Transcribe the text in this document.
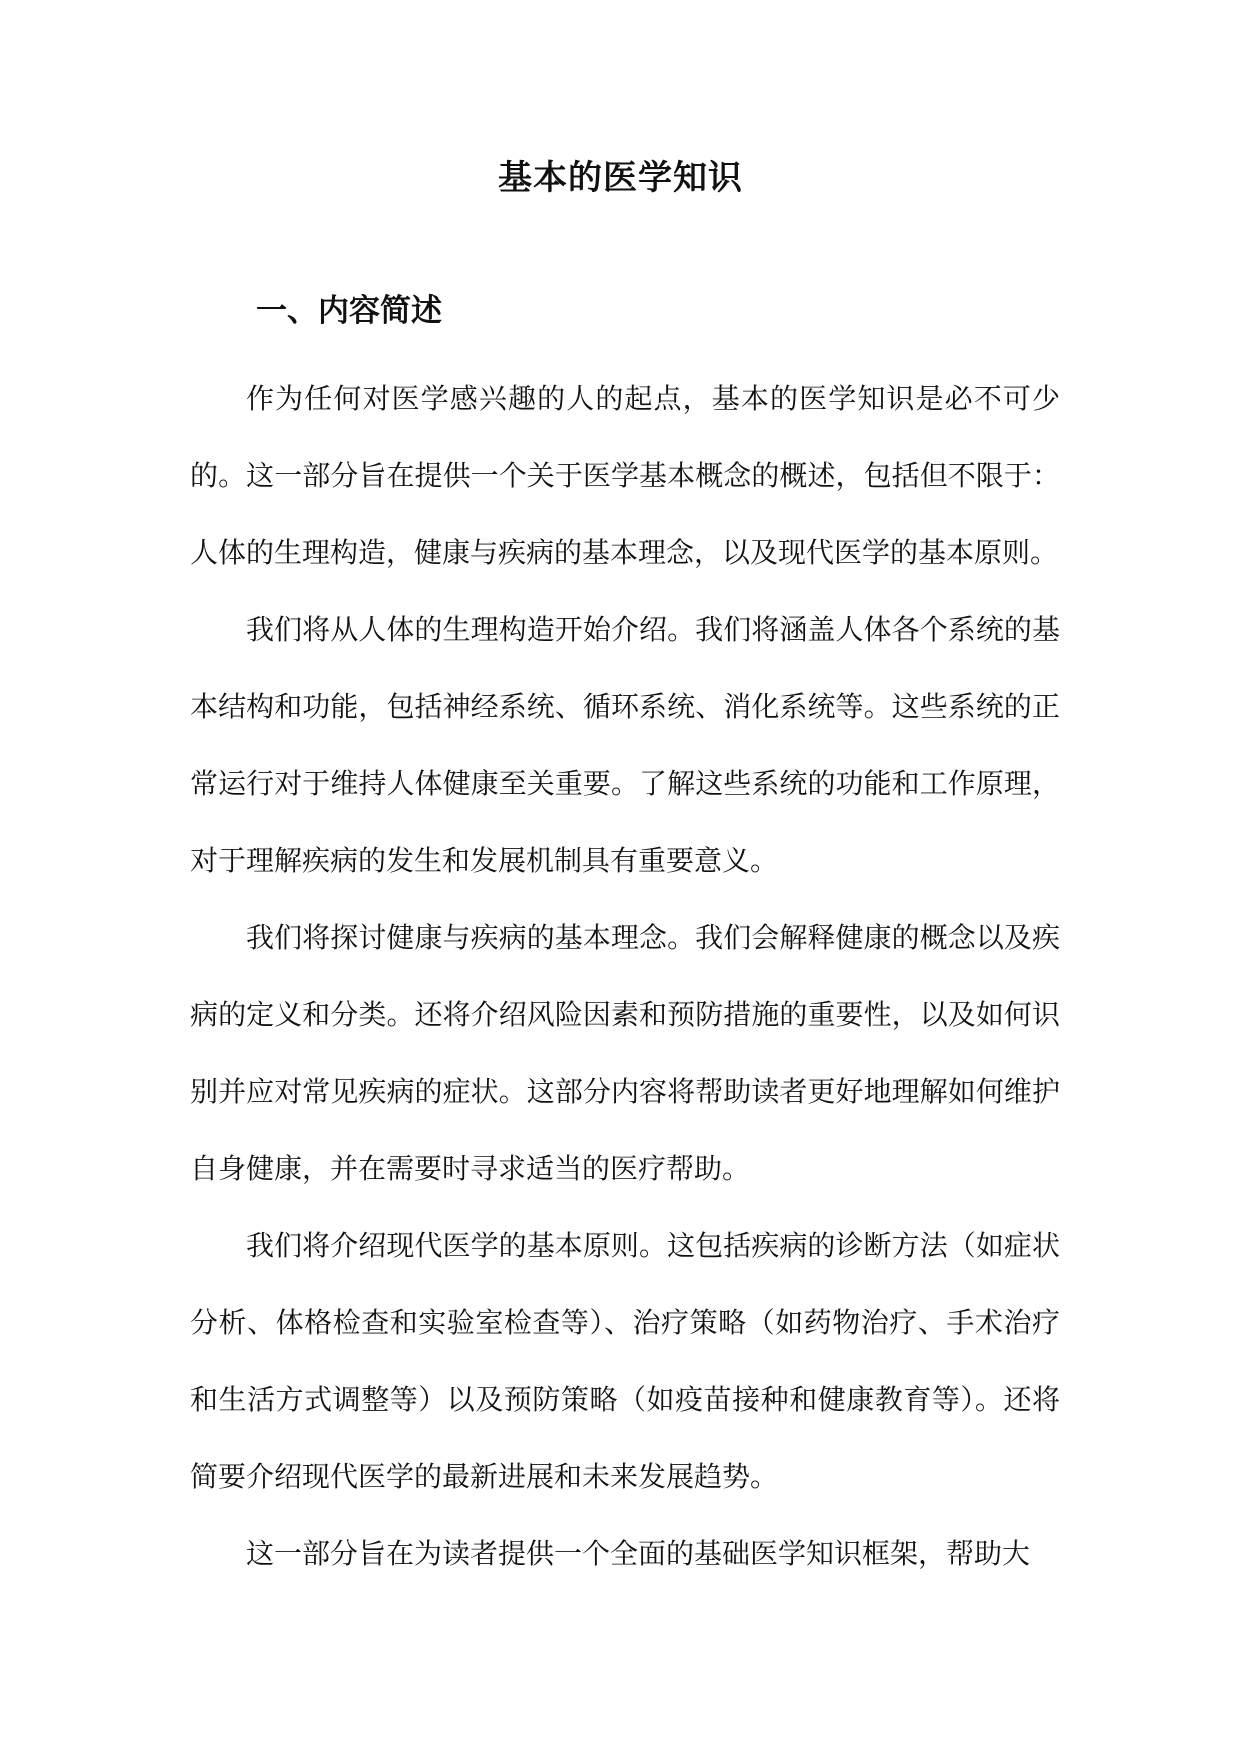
基本的医学知识
一、内容简述

作为任何对医学感兴趣的人的起点，基本的医学知识是必不可少的。这一部分旨在提供一个关于医学基本概念的概述，包括但不限于：人体的生理构造，健康与疾病的基本理念，以及现代医学的基本原则。

我们将从人体的生理构造开始介绍。我们将涵盖人体各个系统的基本结构和功能，包括神经系统、循环系统、消化系统等。这些系统的正常运行对于维持人体健康至关重要。了解这些系统的功能和工作原理，对于理解疾病的发生和发展机制具有重要意义。

我们将探讨健康与疾病的基本理念。我们会解释健康的概念以及疾病的定义和分类。还将介绍风险因素和预防措施的重要性，以及如何识别并应对常见疾病的症状。这部分内容将帮助读者更好地理解如何维护自身健康，并在需要时寻求适当的医疗帮助。

我们将介绍现代医学的基本原则。这包括疾病的诊断方法（如症状分析、体格检查和实验室检查等）、治疗策略（如药物治疗、手术治疗和生活方式调整等）以及预防策略（如疫苗接种和健康教育等）。还将简要介绍现代医学的最新进展和未来发展趋势。

这一部分旨在为读者提供一个全面的基础医学知识框架，帮助大
